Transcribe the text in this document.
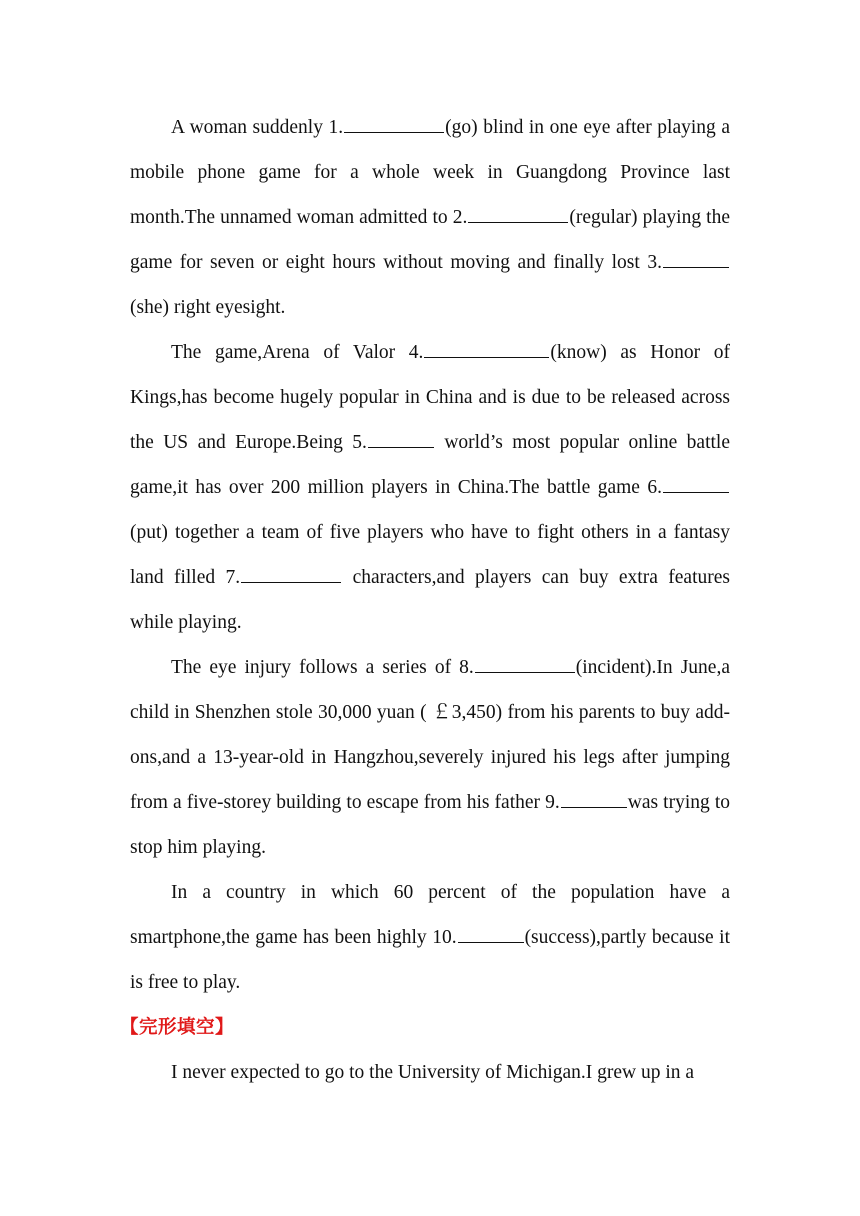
A woman suddenly 1.	(go) blind in one eye after playing a mobile phone game for a whole week in Guangdong Province last month.The unnamed woman admitted to 2.	(regular) playing the game for seven or eight hours without moving and finally lost 3.(she) right eyesight.

The game,Arena of Valor 4.	(know) as Honor of Kings,has become hugely popular in China and is due to be released across the US and Europe.Being 5.	world’s most popular online battle game,it has over 200 million players in China.The battle game 6.(put) together a team of five players who have to fight others in a fantasy land filled 7.	characters,and players can buy extra features while playing.

The eye injury follows a series of 8.	(incident).In June,a child in Shenzhen stole 30,000 yuan ( ￡3,450) from his parents to buy add-ons,and a 13-year-old in Hangzhou,severely injured his legs after jumping from a five-storey building to escape from his father 9.	was trying to stop him playing.

In a country in which 60 percent of the population have a smartphone,the game has been highly 10.	(success),partly because it is free to play.

【完形填空】

I never expected to go to the University of Michigan.I grew up in a
